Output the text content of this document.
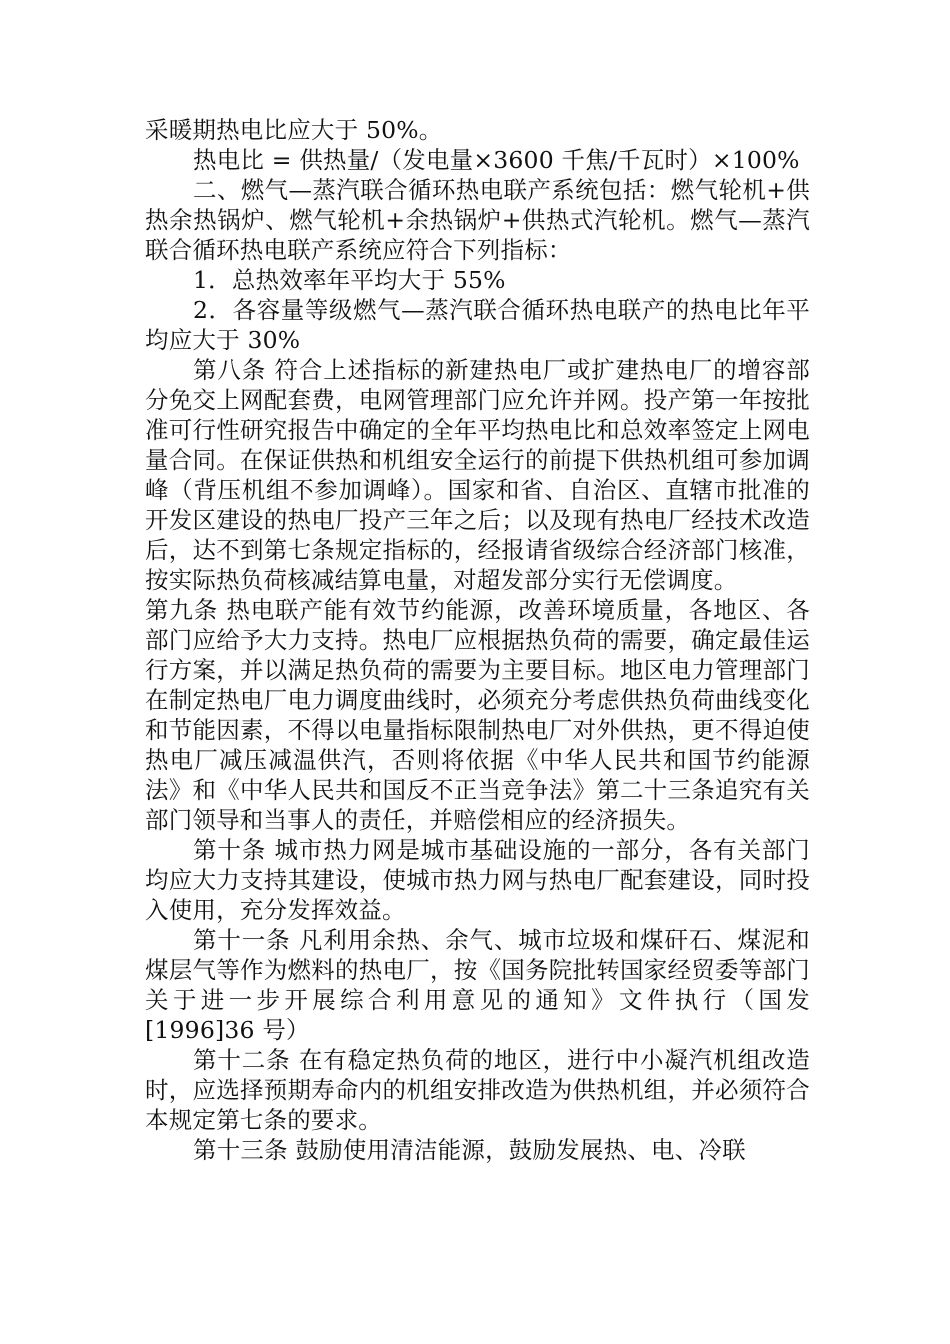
采暖期热电比应大于 50%。

热电比 = 供热量/（发电量×3600 千焦/千瓦时）×100%

二、燃气—蒸汽联合循环热电联产系统包括：燃气轮机+供热余热锅炉、燃气轮机+余热锅炉+供热式汽轮机。燃气—蒸汽联合循环热电联产系统应符合下列指标：

1．总热效率年平均大于 55%

2．各容量等级燃气—蒸汽联合循环热电联产的热电比年平均应大于 30%

第八条 符合上述指标的新建热电厂或扩建热电厂的增容部分免交上网配套费，电网管理部门应允许并网。投产第一年按批准可行性研究报告中确定的全年平均热电比和总效率签定上网电量合同。在保证供热和机组安全运行的前提下供热机组可参加调峰（背压机组不参加调峰）。国家和省、自治区、直辖市批准的开发区建设的热电厂投产三年之后；以及现有热电厂经技术改造后，达不到第七条规定指标的，经报请省级综合经济部门核准，按实际热负荷核减结算电量，对超发部分实行无偿调度。

第九条 热电联产能有效节约能源，改善环境质量，各地区、各部门应给予大力支持。热电厂应根据热负荷的需要，确定最佳运行方案，并以满足热负荷的需要为主要目标。地区电力管理部门在制定热电厂电力调度曲线时，必须充分考虑供热负荷曲线变化和节能因素，不得以电量指标限制热电厂对外供热，更不得迫使热电厂减压减温供汽，否则将依据《中华人民共和国节约能源法》和《中华人民共和国反不正当竞争法》第二十三条追究有关部门领导和当事人的责任，并赔偿相应的经济损失。

第十条 城市热力网是城市基础设施的一部分，各有关部门均应大力支持其建设，使城市热力网与热电厂配套建设，同时投入使用，充分发挥效益。

第十一条 凡利用余热、余气、城市垃圾和煤矸石、煤泥和煤层气等作为燃料的热电厂，按《国务院批转国家经贸委等部门关于进一步开展综合利用意见的通知》文件执行（国发[1996]36 号）

第十二条 在有稳定热负荷的地区，进行中小凝汽机组改造时，应选择预期寿命内的机组安排改造为供热机组，并必须符合本规定第七条的要求。

第十三条 鼓励使用清洁能源，鼓励发展热、电、冷联
